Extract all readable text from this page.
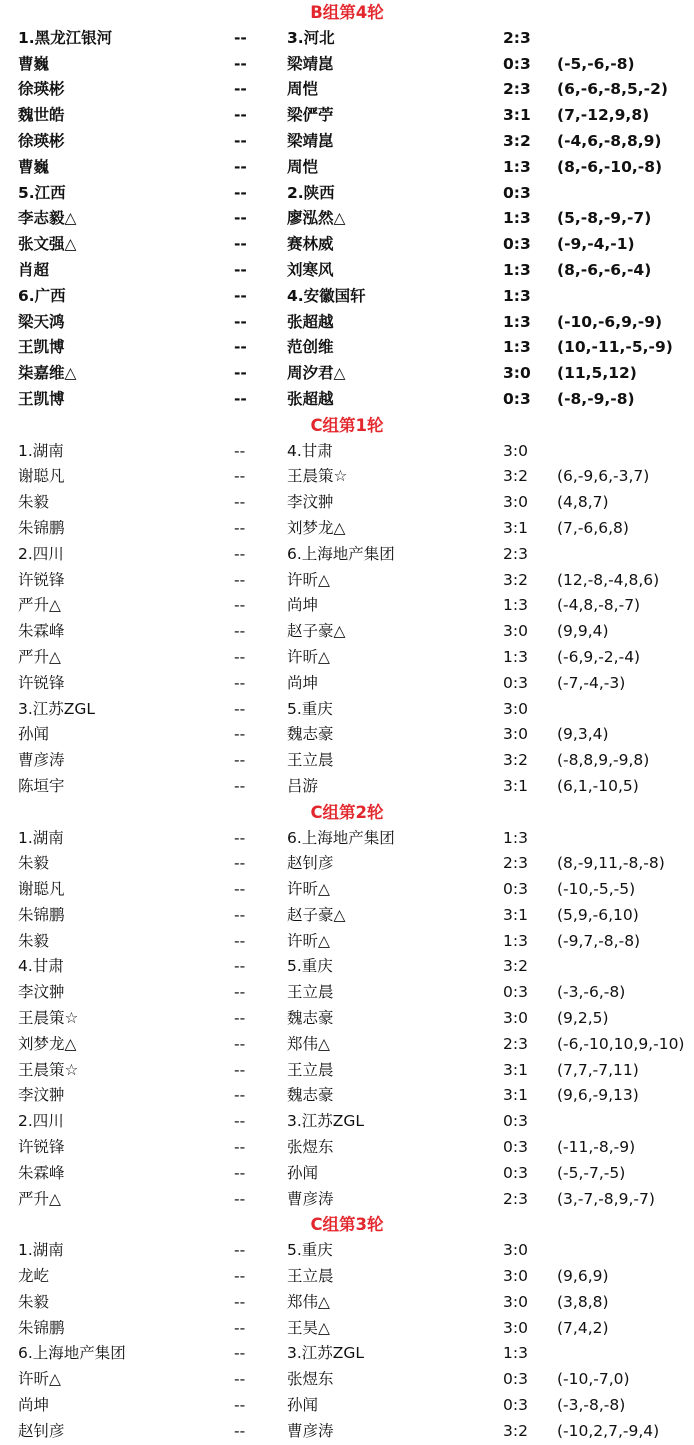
B组第4轮
1.黑龙江银河	--	3.河北	2:3
曹巍	--	梁靖崑	0:3 (-5,-6,-8)
徐瑛彬	--	周恺	2:3 (6,-6,-8,5,-2)
魏世皓	--	梁俨苧	3:1 (7,-12,9,8)
徐瑛彬	--	梁靖崑	3:2 (-4,6,-8,8,9)
曹巍	--	周恺	1:3 (8,-6,-10,-8)
5.江西	--	2.陕西	0:3
李志毅△	--	廖泓然△	1:3 (5,-8,-9,-7)
张文强△	--	赛林威	0:3 (-9,-4,-1)
肖超	--	刘寒风	1:3 (8,-6,-6,-4)
6.广西	--	4.安徽国轩	1:3
梁天鸿	--	张超越	1:3 (-10,-6,9,-9)
王凯博	--	范创维	1:3 (10,-11,-5,-9)
柒嘉维△	--	周汐君△	3:0 (11,5,12)
王凯博	--	张超越	0:3 (-8,-9,-8)
C组第1轮
1.湖南	--	4.甘肃	3:0
谢聪凡	--	王晨策☆	3:2 (6,-9,6,-3,7)
朱毅	--	李汶翀	3:0 (4,8,7)
朱锦鹏	--	刘梦龙△	3:1 (7,-6,6,8)
2.四川	--	6.上海地产集团	2:3
许锐锋	--	许昕△	3:2 (12,-8,-4,8,6)
严升△	--	尚坤	1:3 (-4,8,-8,-7)
朱霖峰	--	赵子豪△	3:0 (9,9,4)
严升△	--	许昕△	1:3 (-6,9,-2,-4)
许锐锋	--	尚坤	0:3 (-7,-4,-3)
3.江苏ZGL	--	5.重庆	3:0
孙闻	--	魏志豪	3:0 (9,3,4)
曹彦涛	--	王立晨	3:2 (-8,8,9,-9,8)
陈垣宇	--	吕游	3:1 (6,1,-10,5)
C组第2轮
1.湖南	--	6.上海地产集团	1:3
朱毅	--	赵钊彦	2:3 (8,-9,11,-8,-8)
谢聪凡	--	许昕△	0:3 (-10,-5,-5)
朱锦鹏	--	赵子豪△	3:1 (5,9,-6,10)
朱毅	--	许昕△	1:3 (-9,7,-8,-8)
4.甘肃	--	5.重庆	3:2
李汶翀	--	王立晨	0:3 (-3,-6,-8)
王晨策☆	--	魏志豪	3:0 (9,2,5)
刘梦龙△	--	郑伟△	2:3 (-6,-10,10,9,-10)
王晨策☆	--	王立晨	3:1 (7,7,-7,11)
李汶翀	--	魏志豪	3:1 (9,6,-9,13)
2.四川	--	3.江苏ZGL	0:3
许锐锋	--	张煜东	0:3 (-11,-8,-9)
朱霖峰	--	孙闻	0:3 (-5,-7,-5)
严升△	--	曹彦涛	2:3 (3,-7,-8,9,-7)
C组第3轮
1.湖南	--	5.重庆	3:0
龙屹	--	王立晨	3:0 (9,6,9)
朱毅	--	郑伟△	3:0 (3,8,8)
朱锦鹏	--	王昊△	3:0 (7,4,2)
6.上海地产集团	--	3.江苏ZGL	1:3
许昕△	--	张煜东	0:3 (-10,-7,0)
尚坤	--	孙闻	0:3 (-3,-8,-8)
赵钊彦	--	曹彦涛	3:2 (-10,2,7,-9,4)
